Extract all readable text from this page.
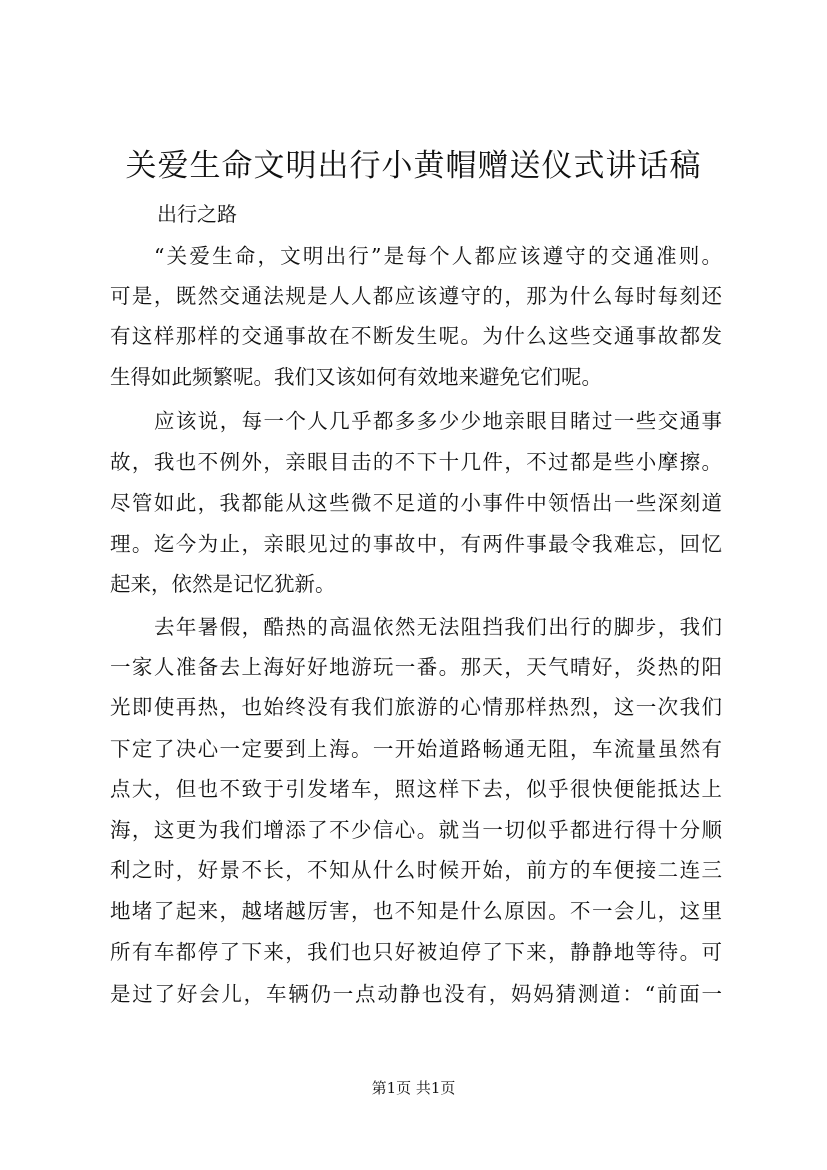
关爱生命文明出行小黄帽赠送仪式讲话稿

出行之路

“关爱生命，文明出行”是每个人都应该遵守的交通准则。

可是，既然交通法规是人人都应该遵守的，那为什么每时每刻还

有这样那样的交通事故在不断发生呢。为什么这些交通事故都发

生得如此频繁呢。我们又该如何有效地来避免它们呢。

应该说，每一个人几乎都多多少少地亲眼目睹过一些交通事

故，我也不例外，亲眼目击的不下十几件，不过都是些小摩擦。

尽管如此，我都能从这些微不足道的小事件中领悟出一些深刻道

理。迄今为止，亲眼见过的事故中，有两件事最令我难忘，回忆

起来，依然是记忆犹新。

去年暑假，酷热的高温依然无法阻挡我们出行的脚步，我们

一家人准备去上海好好地游玩一番。那天，天气晴好，炎热的阳

光即使再热，也始终没有我们旅游的心情那样热烈，这一次我们

下定了决心一定要到上海。一开始道路畅通无阻，车流量虽然有

点大，但也不致于引发堵车，照这样下去，似乎很快便能抵达上

海，这更为我们增添了不少信心。就当一切似乎都进行得十分顺

利之时，好景不长，不知从什么时候开始，前方的车便接二连三

地堵了起来，越堵越厉害，也不知是什么原因。不一会儿，这里

所有车都停了下来，我们也只好被迫停了下来，静静地等待。可

是过了好会儿，车辆仍一点动静也没有，妈妈猜测道：“前面一

第1页 共1页
